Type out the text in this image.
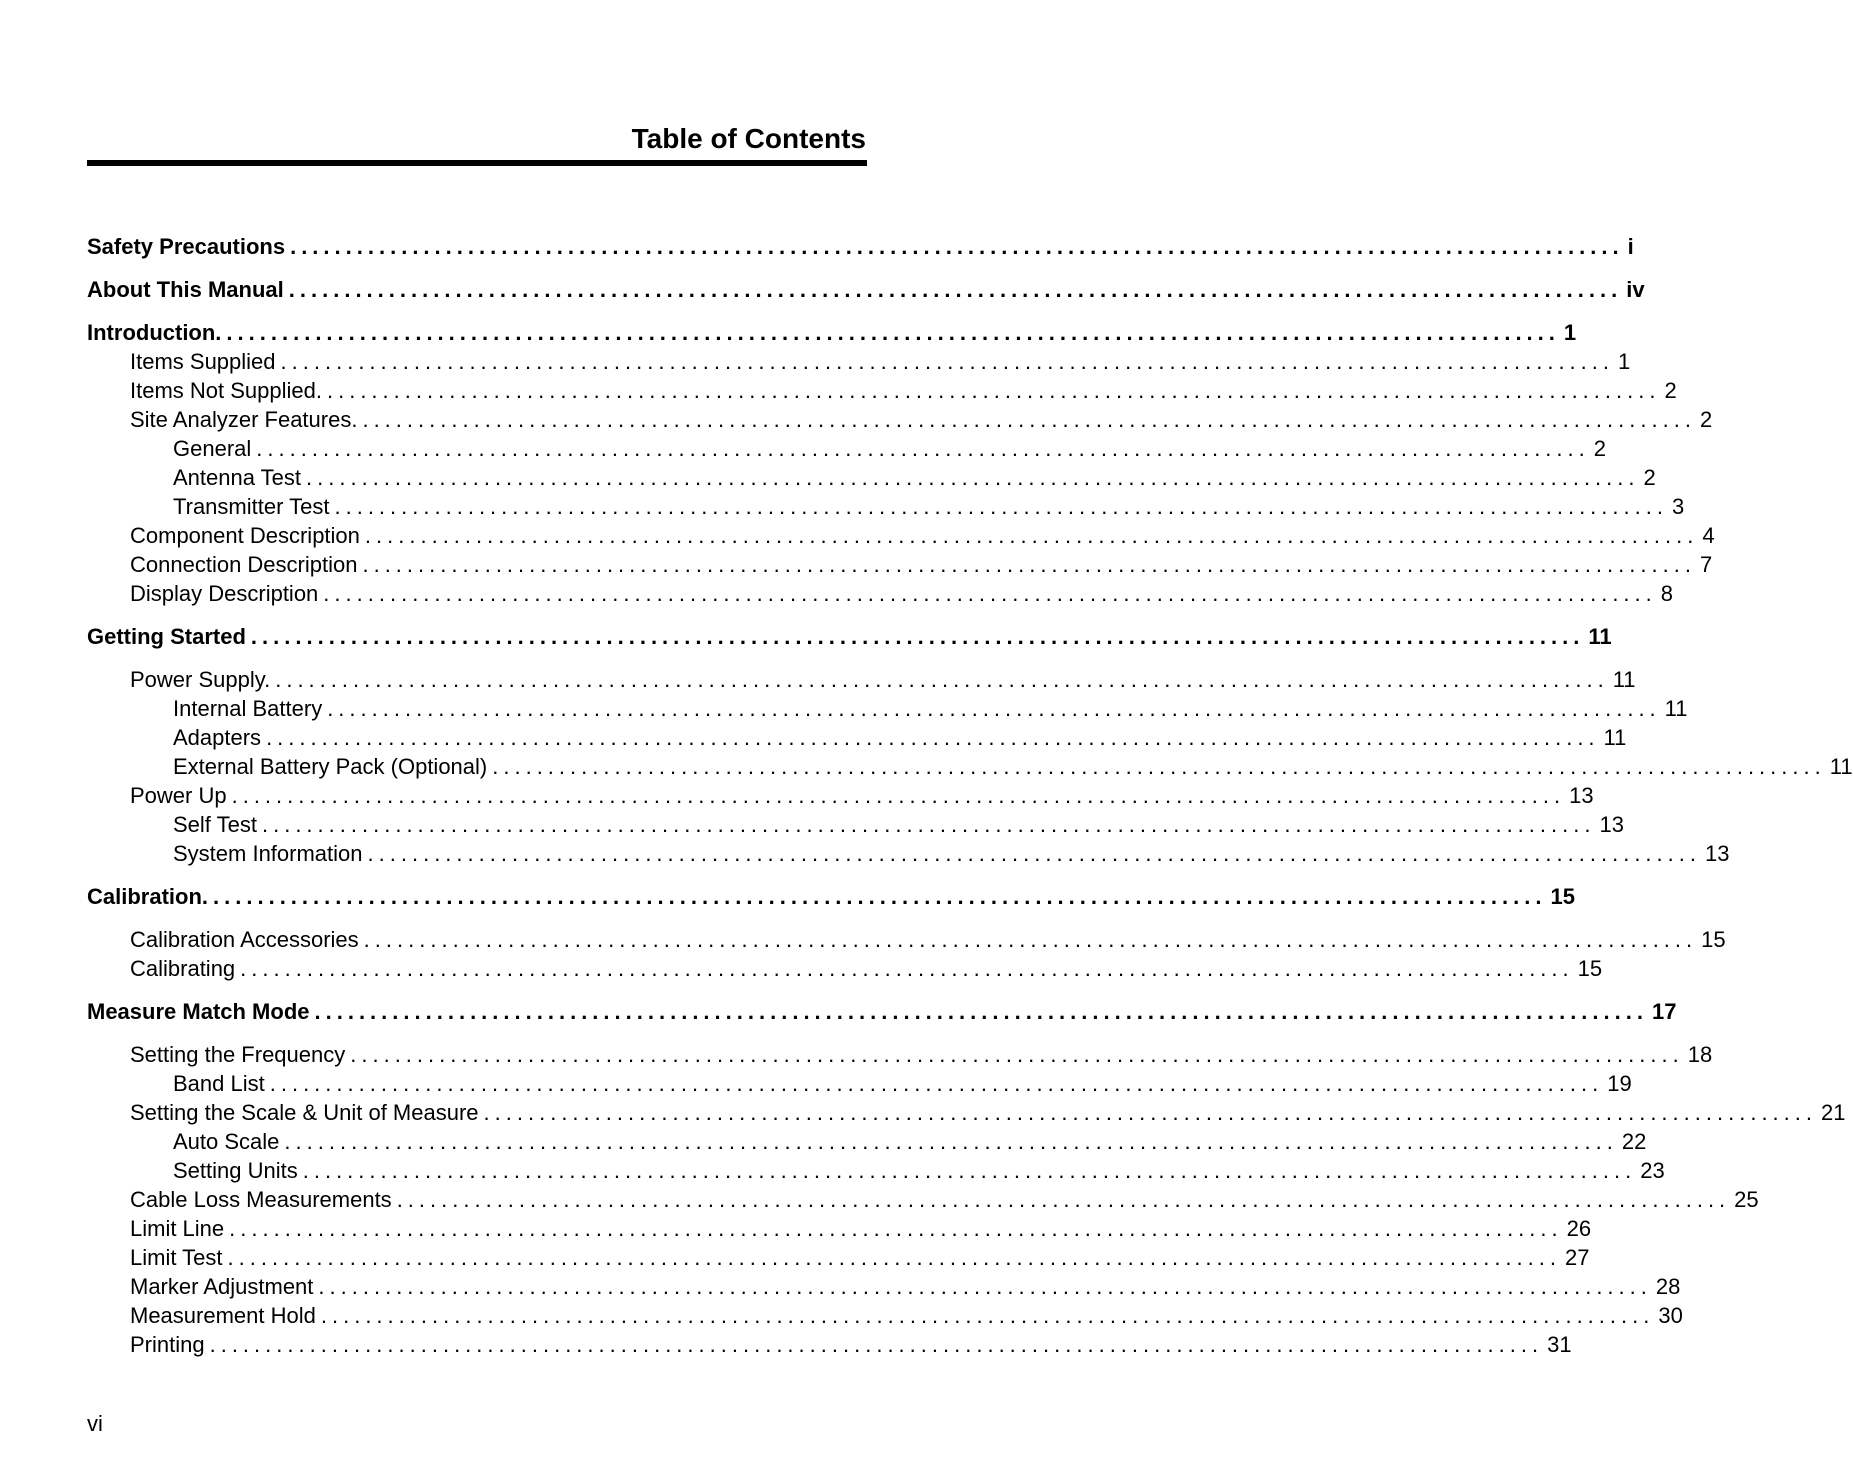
Table of Contents
Safety Precautions ........................................................................................................................ i
About This Manual ........................................................................................................................ iv
Introduction. ........................................................................................................................ 1
Items Supplied ........................................................................................................................ 1
Items Not Supplied. ........................................................................................................................ 2
Site Analyzer Features. ........................................................................................................................ 2
General ........................................................................................................................ 2
Antenna Test ........................................................................................................................ 2
Transmitter Test ........................................................................................................................ 3
Component Description ........................................................................................................................ 4
Connection Description ........................................................................................................................ 7
Display Description ........................................................................................................................ 8
Getting Started ........................................................................................................................ 11
Power Supply. ........................................................................................................................ 11
Internal Battery ........................................................................................................................ 11
Adapters ........................................................................................................................ 11
External Battery Pack (Optional) ........................................................................................................................ 11
Power Up ........................................................................................................................ 13
Self Test ........................................................................................................................ 13
System Information ........................................................................................................................ 13
Calibration. ........................................................................................................................ 15
Calibration Accessories ........................................................................................................................ 15
Calibrating ........................................................................................................................ 15
Measure Match Mode ........................................................................................................................ 17
Setting the Frequency ........................................................................................................................ 18
Band List ........................................................................................................................ 19
Setting the Scale & Unit of Measure ........................................................................................................................ 21
Auto Scale ........................................................................................................................ 22
Setting Units ........................................................................................................................ 23
Cable Loss Measurements ........................................................................................................................ 25
Limit Line ........................................................................................................................ 26
Limit Test ........................................................................................................................ 27
Marker Adjustment ........................................................................................................................ 28
Measurement Hold ........................................................................................................................ 30
Printing ........................................................................................................................ 31
vi
